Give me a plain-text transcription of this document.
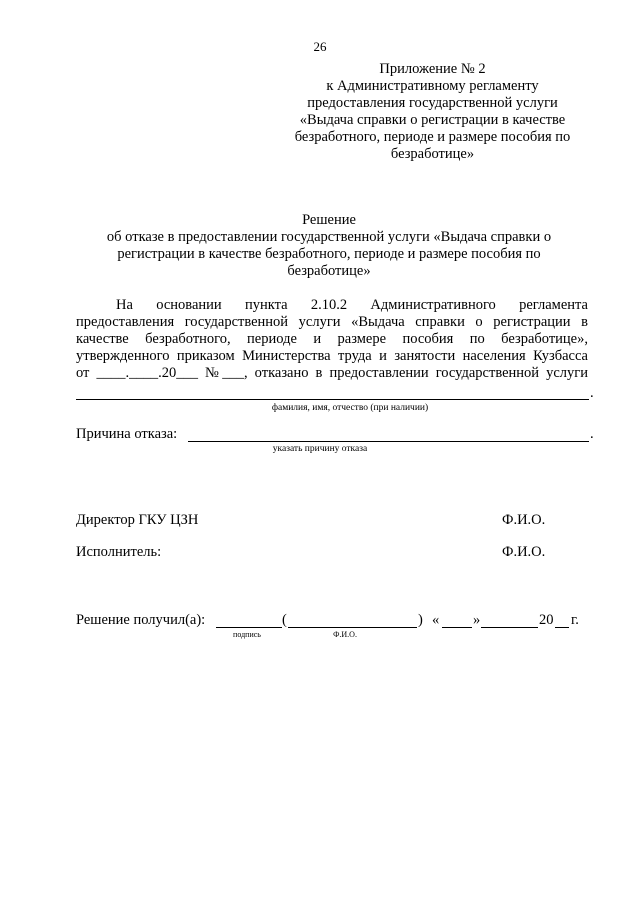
26
Приложение № 2
к Административному регламенту
предоставления государственной услуги
«Выдача справки о регистрации в качестве
безработного, периоде и размере пособия по
безработице»
Решение
об отказе в предоставлении государственной услуги «Выдача справки о
регистрации в качестве безработного, периоде и размере пособия по
безработице»
На основании пункта 2.10.2 Административного регламента
предоставления государственной услуги «Выдача справки о регистрации в
качестве безработного, периоде и размере пособия по безработице»,
утвержденного приказом Министерства труда и занятости населения Кузбасса
от ____.____.20___ №___, отказано в предоставлении государственной услуги
.
фамилия, имя, отчество (при наличии)
Причина отказа:	.
указать причину отказа
Директор ГКУ ЦЗН	Ф.И.О.
Исполнитель:	Ф.И.О.
Решение получил(а):	(	) « »	20 г.
подпись	Ф.И.О.
